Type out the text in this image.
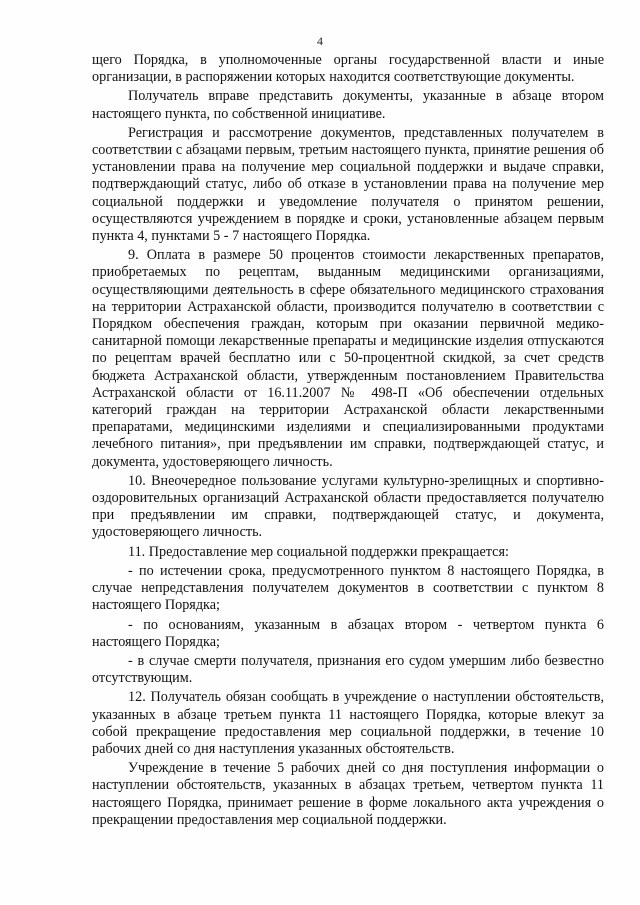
4

щего Порядка, в уполномоченные органы государственной власти и иные организации, в распоряжении которых находится соответствующие документы.

Получатель вправе представить документы, указанные в абзаце втором настоящего пункта, по собственной инициативе.

Регистрация и рассмотрение документов, представленных получателем в соответствии с абзацами первым, третьим настоящего пункта, принятие решения об установлении права на получение мер социальной поддержки и выдаче справки, подтверждающий статус, либо об отказе в установлении права на получение мер социальной поддержки и уведомление получателя о принятом решении, осуществляются учреждением в порядке и сроки, установленные абзацем первым пункта 4, пунктами 5 - 7 настоящего Порядка.

9. Оплата в размере 50 процентов стоимости лекарственных препаратов, приобретаемых по рецептам, выданным медицинскими организациями, осуществляющими деятельность в сфере обязательного медицинского страхования на территории Астраханской области, производится получателю в соответствии с Порядком обеспечения граждан, которым при оказании первичной медико-санитарной помощи лекарственные препараты и медицинские изделия отпускаются по рецептам врачей бесплатно или с 50-процентной скидкой, за счет средств бюджета Астраханской области, утвержденным постановлением Правительства Астраханской области от 16.11.2007 № 498-П «Об обеспечении отдельных категорий граждан на территории Астраханской области лекарственными препаратами, медицинскими изделиями и специализированными продуктами лечебного питания», при предъявлении им справки, подтверждающей статус, и документа, удостоверяющего личность.

10. Внеочередное пользование услугами культурно-зрелищных и спортивно-оздоровительных организаций Астраханской области предоставляется получателю при предъявлении им справки, подтверждающей статус, и документа, удостоверяющего личность.

11. Предоставление мер социальной поддержки прекращается:

- по истечении срока, предусмотренного пунктом 8 настоящего Порядка, в случае непредставления получателем документов в соответствии с пунктом 8 настоящего Порядка;

- по основаниям, указанным в абзацах втором - четвертом пункта 6 настоящего Порядка;

- в случае смерти получателя, признания его судом умершим либо безвестно отсутствующим.

12. Получатель обязан сообщать в учреждение о наступлении обстоятельств, указанных в абзаце третьем пункта 11 настоящего Порядка, которые влекут за собой прекращение предоставления мер социальной поддержки, в течение 10 рабочих дней со дня наступления указанных обстоятельств.

Учреждение в течение 5 рабочих дней со дня поступления информации о наступлении обстоятельств, указанных в абзацах третьем, четвертом пункта 11 настоящего Порядка, принимает решение в форме локального акта учреждения о прекращении предоставления мер социальной поддержки.
